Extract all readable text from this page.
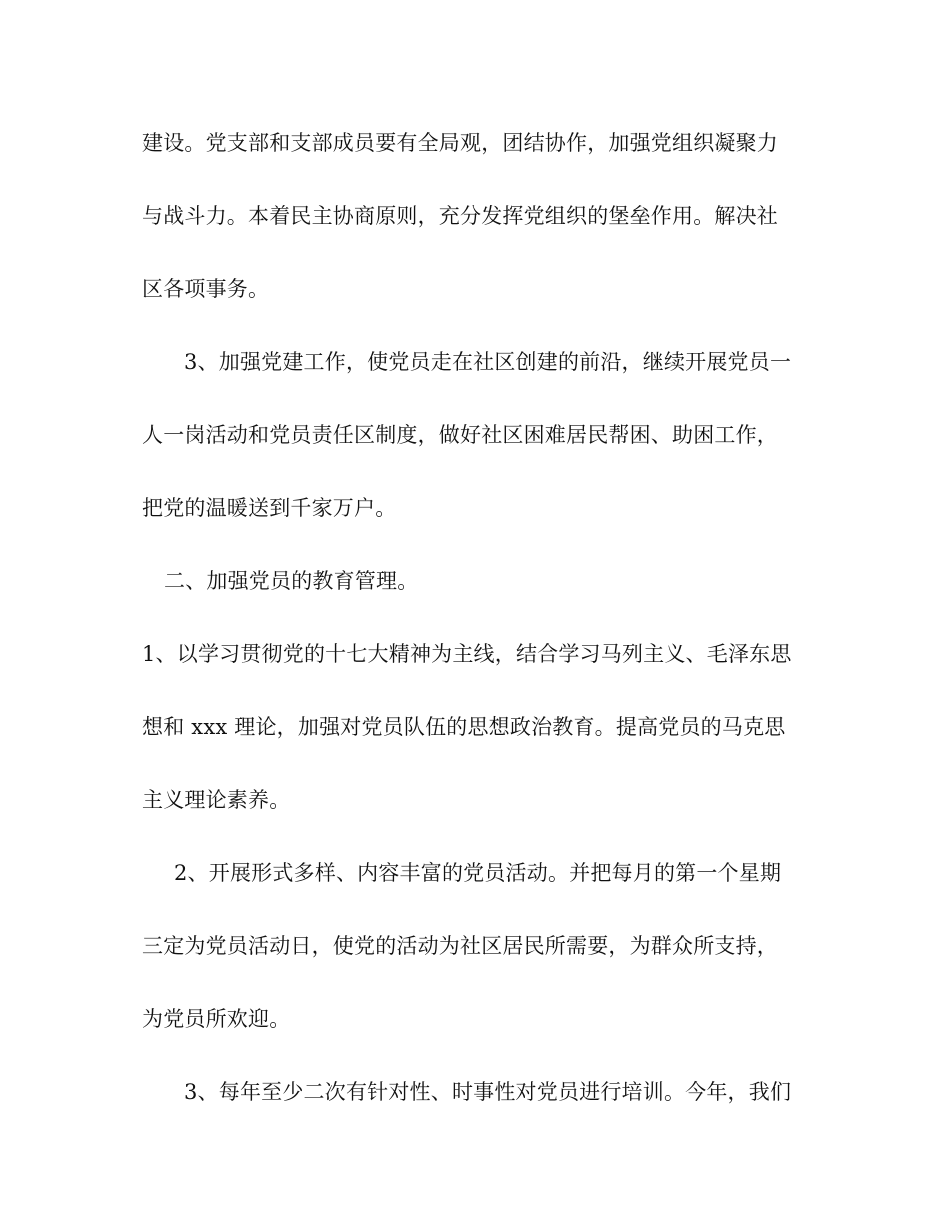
建设。党支部和支部成员要有全局观，团结协作，加强党组织凝聚力
与战斗力。本着民主协商原则，充分发挥党组织的堡垒作用。解决社
区各项事务。
3、加强党建工作，使党员走在社区创建的前沿，继续开展党员一
人一岗活动和党员责任区制度，做好社区困难居民帮困、助困工作，
把党的温暖送到千家万户。
二、加强党员的教育管理。
1、以学习贯彻党的十七大精神为主线，结合学习马列主义、毛泽东思
想和 xxx 理论，加强对党员队伍的思想政治教育。提高党员的马克思
主义理论素养。
2、开展形式多样、内容丰富的党员活动。并把每月的第一个星期
三定为党员活动日，使党的活动为社区居民所需要，为群众所支持，
为党员所欢迎。
3、每年至少二次有针对性、时事性对党员进行培训。今年，我们
